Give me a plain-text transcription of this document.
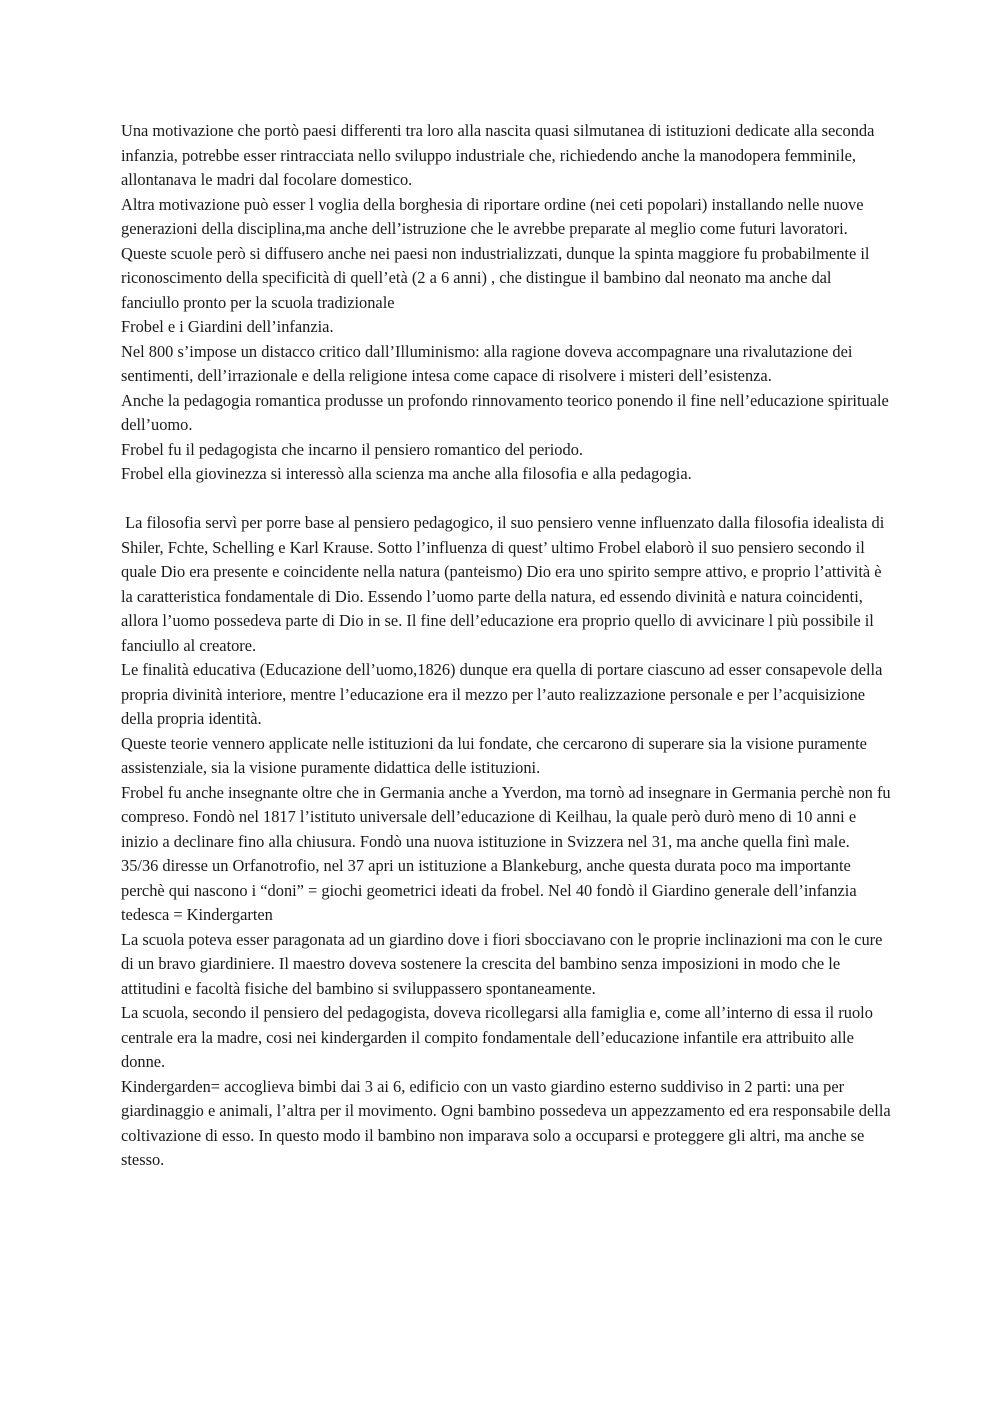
Una motivazione che portò paesi differenti tra loro alla nascita quasi silmutanea di istituzioni dedicate alla seconda infanzia, potrebbe esser rintracciata nello sviluppo industriale che, richiedendo anche la manodopera femminile, allontanava le madri dal focolare domestico.

Altra motivazione può esser l voglia della borghesia di riportare ordine (nei ceti popolari) installando nelle nuove generazioni della disciplina,ma anche dell’istruzione che le avrebbe preparate al meglio come futuri lavoratori.

Queste scuole però si diffusero anche nei paesi non industrializzati, dunque la spinta maggiore fu probabilmente il riconoscimento della specificità di quell’età (2 a 6 anni) , che distingue il bambino dal neonato ma anche dal fanciullo pronto per la scuola tradizionale

Frobel e i Giardini dell’infanzia.

Nel 800 s’impose un distacco critico dall’Illuminismo: alla ragione doveva accompagnare una rivalutazione dei sentimenti, dell’irrazionale e della religione intesa come capace di risolvere i misteri dell’esistenza.

Anche la pedagogia romantica produsse un profondo rinnovamento teorico ponendo il fine nell’educazione spirituale dell’uomo.

Frobel fu il pedagogista che incarno il pensiero romantico del periodo.

Frobel ella giovinezza si interessò alla scienza ma anche alla filosofia e alla pedagogia.

La filosofia servì per porre base al pensiero pedagogico, il suo pensiero venne influenzato dalla filosofia idealista di Shiler, Fchte, Schelling e Karl Krause. Sotto l’influenza di quest’ ultimo Frobel elaborò il suo pensiero secondo il quale Dio era presente e coincidente nella natura (panteismo) Dio era uno spirito sempre attivo, e proprio l’attività è la caratteristica fondamentale di Dio. Essendo l’uomo parte della natura, ed essendo divinità e natura coincidenti, allora l’uomo possedeva parte di Dio in se. Il fine dell’educazione era proprio quello di avvicinare l più possibile il fanciullo al creatore.

Le finalità educativa (Educazione dell’uomo,1826) dunque era quella di portare ciascuno ad esser consapevole della propria divinità interiore, mentre l’educazione era il mezzo per l’auto realizzazione personale e per l’acquisizione della propria identità.

Queste teorie vennero applicate nelle istituzioni da lui fondate, che cercarono di superare sia la visione puramente assistenziale, sia la visione puramente didattica delle istituzioni.

Frobel fu anche insegnante oltre che in Germania anche a Yverdon, ma tornò ad insegnare in Germania perchè non fu compreso. Fondò nel 1817 l’istituto universale dell’educazione di Keilhau, la quale però durò meno di 10 anni e inizio a declinare fino alla chiusura. Fondò una nuova istituzione in Svizzera nel 31, ma anche quella finì male. 35/36 diresse un Orfanotrofio, nel 37 apri un istituzione a Blankeburg, anche questa durata poco ma importante perchè qui nascono i “doni” = giochi geometrici ideati da frobel. Nel 40 fondò il Giardino generale dell’infanzia tedesca = Kindergarten

La scuola poteva esser paragonata ad un giardino dove i fiori sbocciavano con le proprie inclinazioni ma con le cure di un bravo giardiniere. Il maestro doveva sostenere la crescita del bambino senza imposizioni in modo che le attitudini e facoltà fisiche del bambino si sviluppassero spontaneamente.

La scuola, secondo il pensiero del pedagogista, doveva ricollegarsi alla famiglia e, come all’interno di essa il ruolo centrale era la madre, cosi nei kindergarden il compito fondamentale dell’educazione infantile era attribuito alle donne.

Kindergarden= accoglieva bimbi dai 3 ai 6, edificio con un vasto giardino esterno suddiviso in 2 parti: una per giardinaggio e animali, l’altra per il movimento. Ogni bambino possedeva un appezzamento ed era responsabile della coltivazione di esso. In questo modo il bambino non imparava solo a occuparsi e proteggere gli altri, ma anche se stesso.
